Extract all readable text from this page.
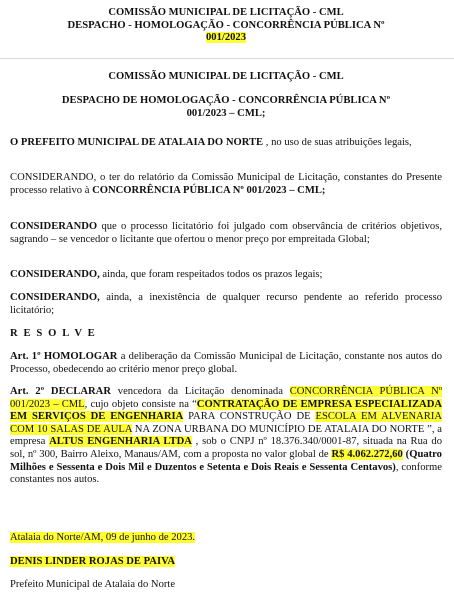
COMISSÃO MUNICIPAL DE LICITAÇÃO - CML
DESPACHO - HOMOLOGAÇÃO - CONCORRÊNCIA PÚBLICA Nº
001/2023
COMISSÃO MUNICIPAL DE LICITAÇÃO - CML
DESPACHO DE HOMOLOGAÇÃO - CONCORRÊNCIA PÚBLICA Nº
001/2023 – CML;

O PREFEITO MUNICIPAL DE ATALAIA DO NORTE , no uso de suas atribuições legais,

CONSIDERANDO, o ter do relatório da Comissão Municipal de Licitação, constantes do Presente processo relativo à CONCORRÊNCIA PÚBLICA Nº 001/2023 – CML;

CONSIDERANDO que o processo licitatório foi julgado com observância de critérios objetivos, sagrando – se vencedor o licitante que ofertou o menor preço por empreitada Global;

CONSIDERANDO, ainda, que foram respeitados todos os prazos legais;

CONSIDERANDO, ainda, a inexistência de qualquer recurso pendente ao referido processo licitatório;

R E S O L V E

Art. 1º HOMOLOGAR a deliberação da Comissão Municipal de Licitação, constante nos autos do Processo, obedecendo ao critério menor preço global.

Art. 2º DECLARAR vencedora da Licitação denominada CONCORRÊNCIA PÚBLICA Nº 001/2023 – CML, cujo objeto consiste na “CONTRATAÇÃO DE EMPRESA ESPECIALIZADA EM SERVIÇOS DE ENGENHARIA PARA CONSTRUÇÃO DE ESCOLA EM ALVENARIA COM 10 SALAS DE AULA NA ZONA URBANA DO MUNICÍPIO DE ATALAIA DO NORTE ”, a empresa ALTUS ENGENHARIA LTDA , sob o CNPJ nº 18.376.340/0001-87, situada na Rua do sol, nº 300, Bairro Aleixo, Manaus/AM, com a proposta no valor global de R$ 4.062.272,60 (Quatro Milhões e Sessenta e Dois Mil e Duzentos e Setenta e Dois Reais e Sessenta Centavos), conforme constantes nos autos.

Atalaia do Norte/AM, 09 de junho de 2023.
DENIS LINDER ROJAS DE PAIVA
Prefeito Municipal de Atalaia do Norte
